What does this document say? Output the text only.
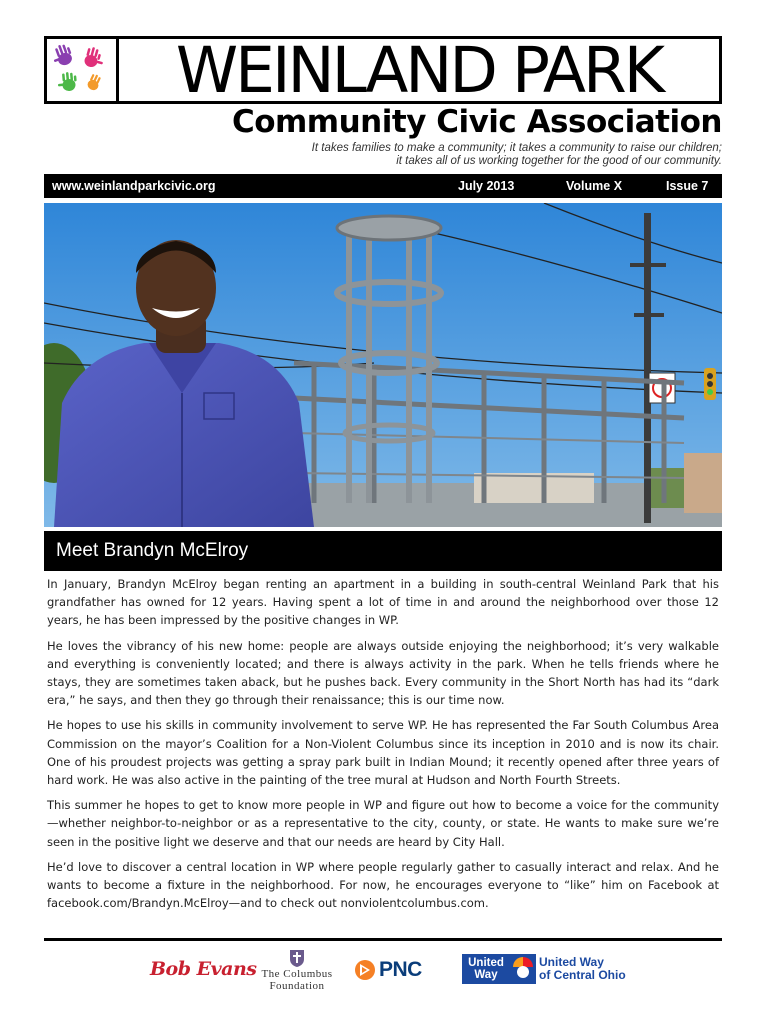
WEINLAND PARK
Community Civic Association
It takes families to make a community; it takes a community to raise our children;
it takes all of us working together for the good of our community.
www.weinlandparkcivic.org	July 2013	Volume X	Issue 7
Meet Brandyn McElroy

In January, Brandyn McElroy began renting an apartment in a building in south-central Weinland Park that his grandfather has owned for 12 years. Having spent a lot of time in and around the neighborhood over those 12 years, he has been impressed by the positive changes in WP.

He loves the vibrancy of his new home: people are always outside enjoying the neighborhood; it’s very walkable and everything is conveniently located; and there is always activity in the park. When he tells friends where he stays, they are sometimes taken aback, but he pushes back. Every community in the Short North has had its “dark era,” he says, and then they go through their renaissance; this is our time now.

He hopes to use his skills in community involvement to serve WP. He has represented the Far South Columbus Area Commission on the mayor’s Coalition for a Non-Violent Columbus since its inception in 2010 and is now its chair. One of his proudest projects was getting a spray park built in Indian Mound; it recently opened after three years of hard work. He was also active in the painting of the tree mural at Hudson and North Fourth Streets.

This summer he hopes to get to know more people in WP and figure out how to become a voice for the community—whether neighbor-to-neighbor or as a representative to the city, county, or state. He wants to make sure we’re seen in the positive light we deserve and that our needs are heard by City Hall.

He’d love to discover a central location in WP where people regularly gather to casually interact and relax. And he wants to become a fixture in the neighborhood. For now, he encourages everyone to “like” him on Facebook at facebook.com/Brandyn.McElroy—and to check out nonviolentcolumbus.com.

Bob Evans The Columbus
Foundation
PNC	United
Way
United Way
of Central Ohio
